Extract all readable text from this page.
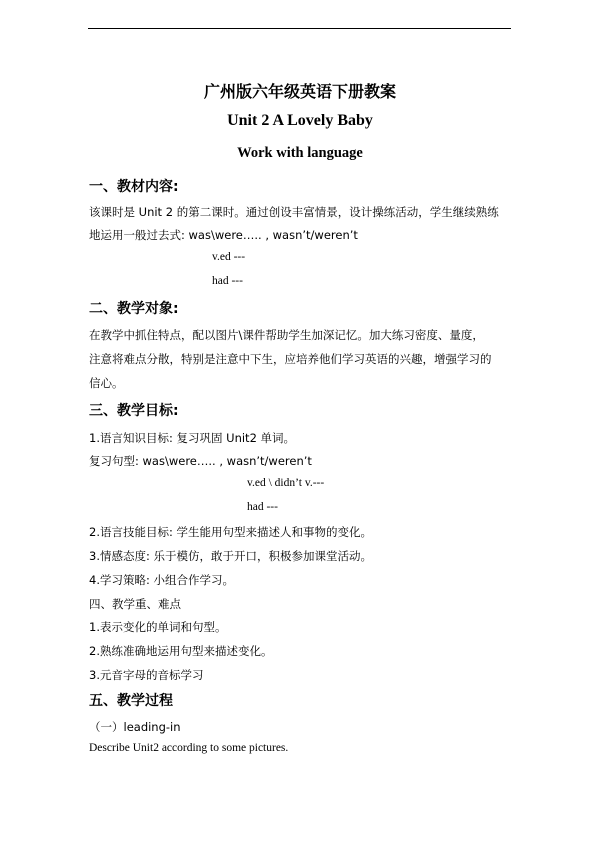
广州版六年级英语下册教案
Unit 2 A Lovely Baby
Work with language
一、教材内容:
该课时是 Unit 2 的第二课时。通过创设丰富情景，设计操练活动，学生继续熟练
地运用一般过去式: was\were….. , wasn’t/weren’t
v.ed ---
had ---
二、教学对象:
在教学中抓住特点，配以图片\课件帮助学生加深记忆。加大练习密度、量度，
注意将难点分散，特别是注意中下生，应培养他们学习英语的兴趣，增强学习的
信心。
三、教学目标:
1.语言知识目标: 复习巩固 Unit2 单词。
复习句型: was\were….. , wasn’t/weren’t
v.ed \ didn’t v.---
had ---
2.语言技能目标: 学生能用句型来描述人和事物的变化。
3.情感态度: 乐于模仿，敢于开口，积极参加课堂活动。
4.学习策略: 小组合作学习。
四、教学重、难点
1.表示变化的单词和句型。
2.熟练准确地运用句型来描述变化。
3.元音字母的音标学习
五、教学过程
（一）leading-in
Describe Unit2 according to some pictures.
